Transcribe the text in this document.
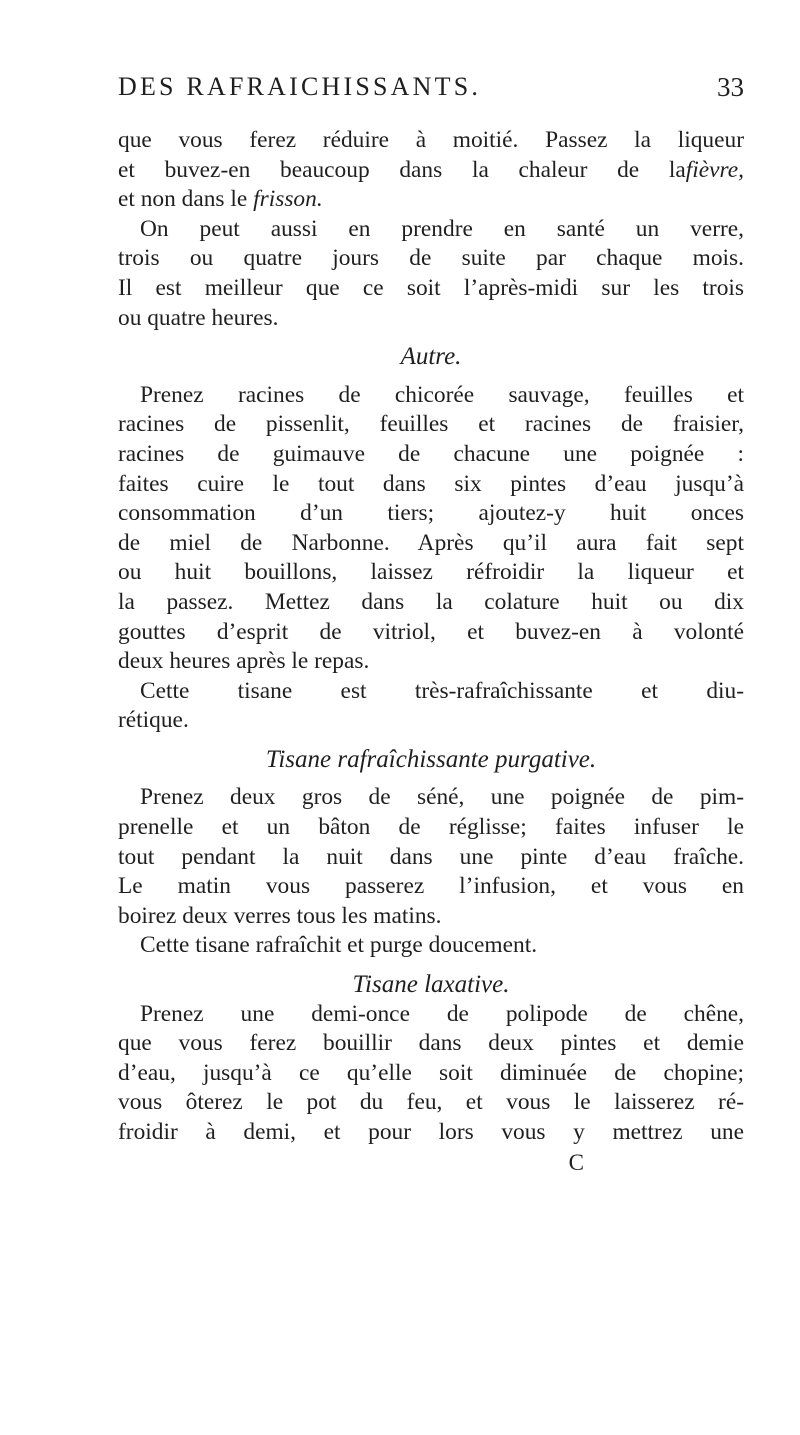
DES RAFRAICHISSANTS.	33
que vous ferez réduire à moitié. Passez la liqueur
et buvez-en beaucoup dans la chaleur de lafièvre,
et non dans le frisson.
On peut aussi en prendre en santé un verre,
trois ou quatre jours de suite par chaque mois.
Il est meilleur que ce soit l’après-midi sur les trois
ou quatre heures.
Autre.
Prenez racines de chicorée sauvage, feuilles et
racines de pissenlit, feuilles et racines de fraisier,
racines de guimauve de chacune une poignée :
faites cuire le tout dans six pintes d’eau jusqu’à
consommation d’un tiers; ajoutez-y huit onces
de miel de Narbonne. Après qu’il aura fait sept
ou huit bouillons, laissez réfroidir la liqueur et
la passez. Mettez dans la colature huit ou dix
gouttes d’esprit de vitriol, et buvez-en à volonté
deux heures après le repas.
Cette tisane est très-rafraîchissante et diu-
rétique.
Tisane rafraîchissante purgative.
Prenez deux gros de séné, une poignée de pim-
prenelle et un bâton de réglisse; faites infuser le
tout pendant la nuit dans une pinte d’eau fraîche.
Le matin vous passerez l’infusion, et vous en
boirez deux verres tous les matins.
Cette tisane rafraîchit et purge doucement.
Tisane laxative.
Prenez une demi-once de polipode de chêne,
que vous ferez bouillir dans deux pintes et demie
d’eau, jusqu’à ce qu’elle soit diminuée de chopine;
vous ôterez le pot du feu, et vous le laisserez ré-
froidir à demi, et pour lors vous y mettrez une
C
